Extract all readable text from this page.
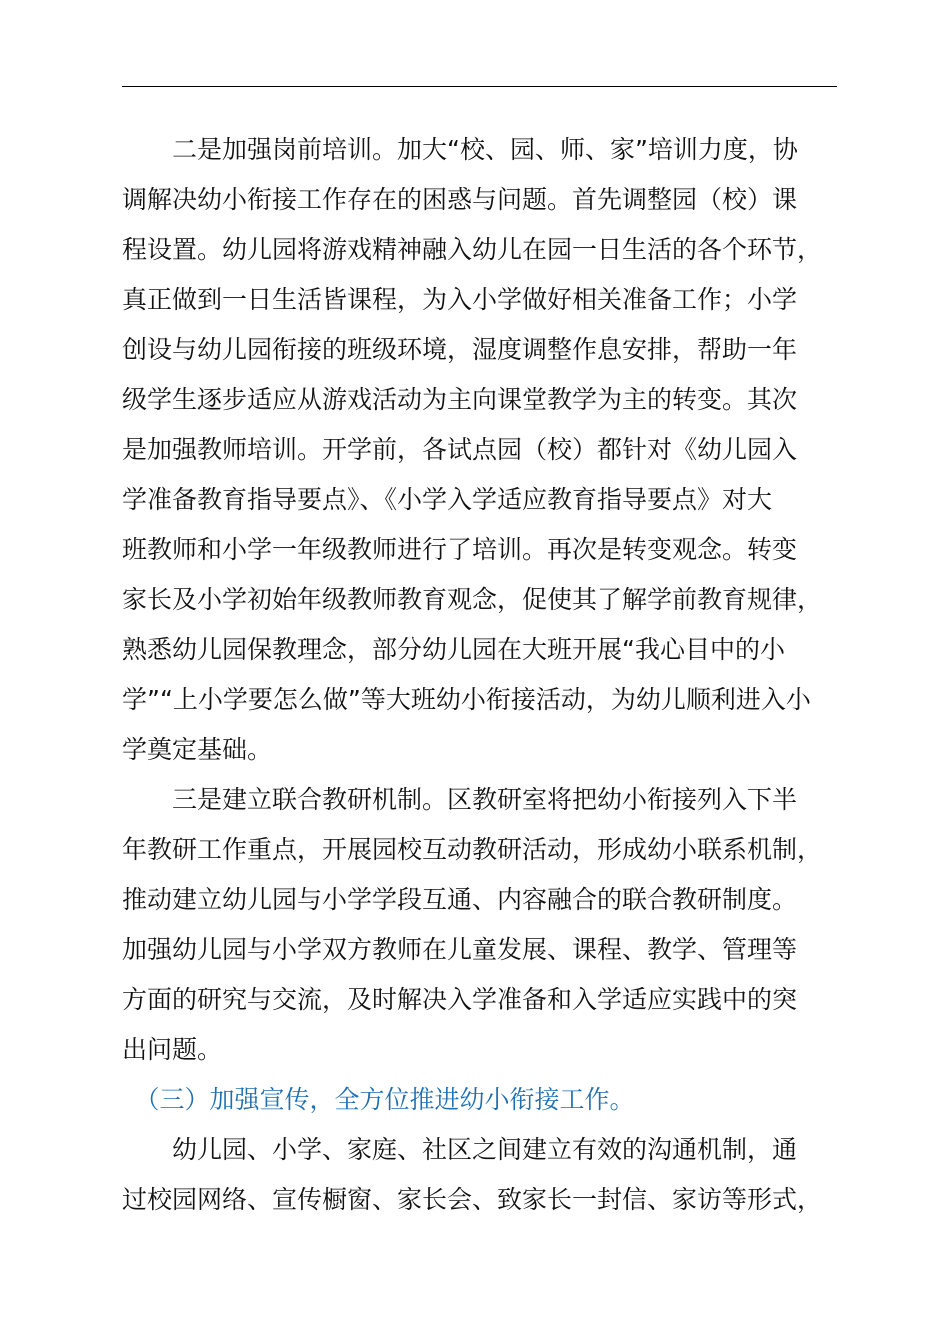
　　二是加强岗前培训。加大“校、园、师、家”培训力度，协
调解决幼小衔接工作存在的困惑与问题。首先调整园（校）课
程设置。幼儿园将游戏精神融入幼儿在园一日生活的各个环节，
真正做到一日生活皆课程，为入小学做好相关准备工作；小学
创设与幼儿园衔接的班级环境，湿度调整作息安排，帮助一年
级学生逐步适应从游戏活动为主向课堂教学为主的转变。其次
是加强教师培训。开学前，各试点园（校）都针对《幼儿园入
学准备教育指导要点》、《小学入学适应教育指导要点》对大
班教师和小学一年级教师进行了培训。再次是转变观念。转变
家长及小学初始年级教师教育观念，促使其了解学前教育规律，
熟悉幼儿园保教理念，部分幼儿园在大班开展“我心目中的小
学”“上小学要怎么做”等大班幼小衔接活动，为幼儿顺利进入小
学奠定基础。
　　三是建立联合教研机制。区教研室将把幼小衔接列入下半
年教研工作重点，开展园校互动教研活动，形成幼小联系机制，
推动建立幼儿园与小学学段互通、内容融合的联合教研制度。
加强幼儿园与小学双方教师在儿童发展、课程、教学、管理等
方面的研究与交流，及时解决入学准备和入学适应实践中的突
出问题。
　（三）加强宣传，全方位推进幼小衔接工作。
　　幼儿园、小学、家庭、社区之间建立有效的沟通机制，通
过校园网络、宣传橱窗、家长会、致家长一封信、家访等形式，
